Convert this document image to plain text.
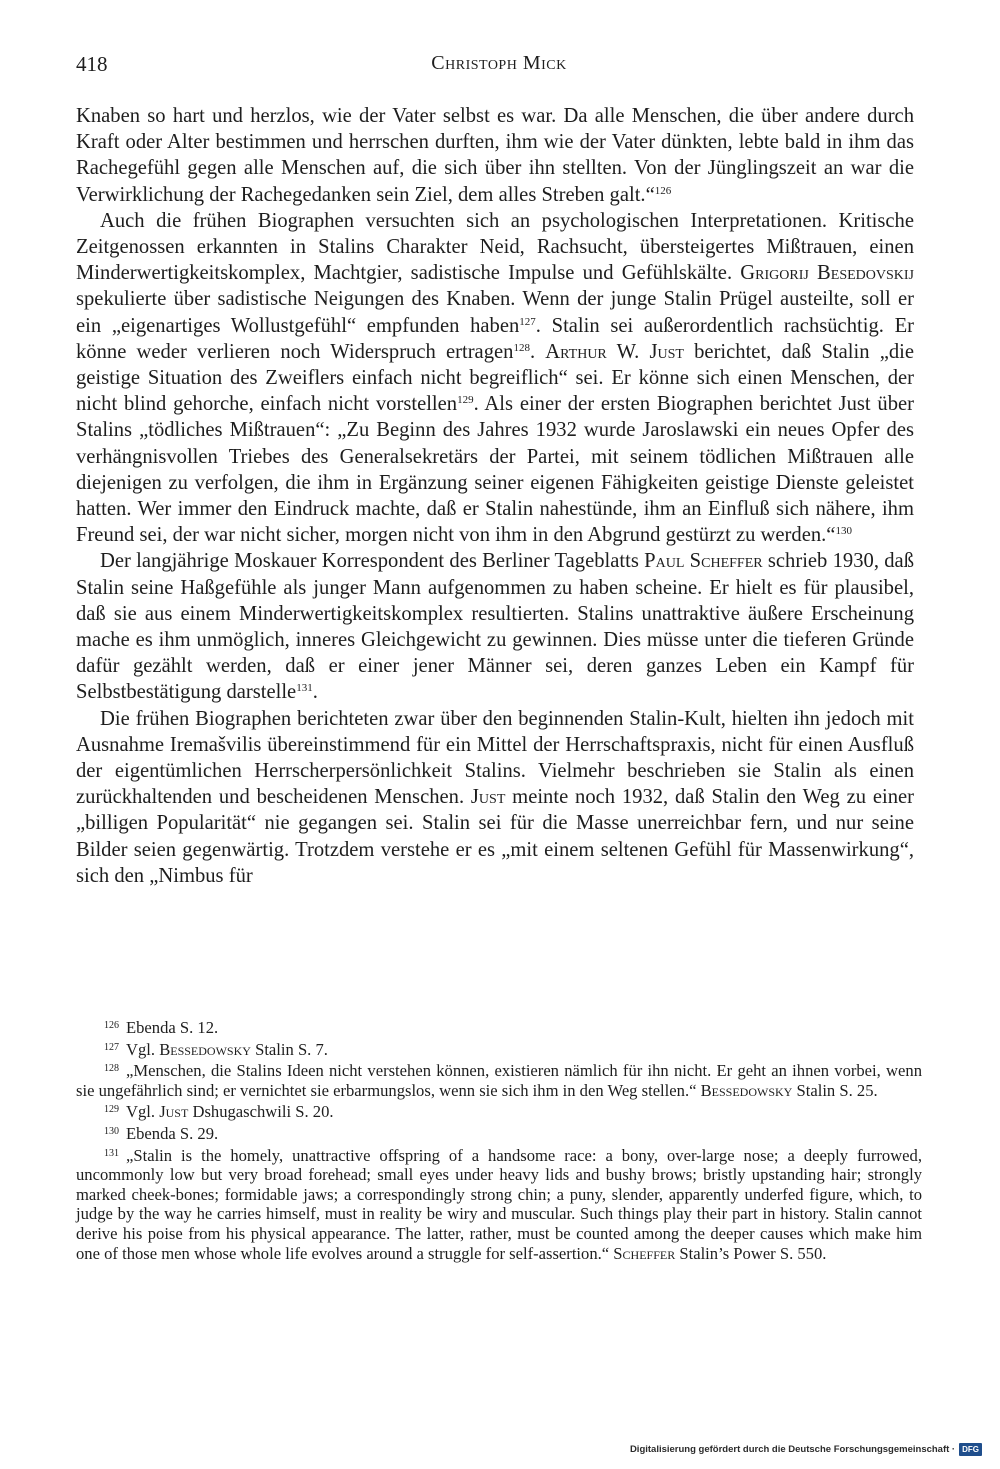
418	Christoph Mick

Knaben so hart und herzlos, wie der Vater selbst es war. Da alle Menschen, die über andere durch Kraft oder Alter bestimmen und herrschen durften, ihm wie der Vater dünkten, lebte bald in ihm das Rachegefühl gegen alle Menschen auf, die sich über ihn stellten. Von der Jünglingszeit an war die Verwirklichung der Rachegedanken sein Ziel, dem alles Streben galt.“$^{126}$

Auch die frühen Biographen versuchten sich an psychologischen Interpretationen. Kritische Zeitgenossen erkannten in Stalins Charakter Neid, Rachsucht, übersteigertes Mißtrauen, einen Minderwertigkeitskomplex, Machtgier, sadistische Impulse und Gefühlskälte. Grigorij Besedovskij spekulierte über sadistische Neigungen des Knaben. Wenn der junge Stalin Prügel austeilte, soll er ein „eigenartiges Wollustgefühl“ empfunden haben$^{127}$. Stalin sei außerordentlich rachsüchtig. Er könne weder verlieren noch Widerspruch ertragen$^{128}$. Arthur W. Just berichtet, daß Stalin „die geistige Situation des Zweiflers einfach nicht begreiflich“ sei. Er könne sich einen Menschen, der nicht blind gehorche, einfach nicht vorstellen$^{129}$. Als einer der ersten Biographen berichtet Just über Stalins „tödliches Mißtrauen“: „Zu Beginn des Jahres 1932 wurde Jaroslawski ein neues Opfer des verhängnisvollen Triebes des Generalsekretärs der Partei, mit seinem tödlichen Mißtrauen alle diejenigen zu verfolgen, die ihm in Ergänzung seiner eigenen Fähigkeiten geistige Dienste geleistet hatten. Wer immer den Eindruck machte, daß er Stalin nahestünde, ihm an Einfluß sich nähere, ihm Freund sei, der war nicht sicher, morgen nicht von ihm in den Abgrund gestürzt zu werden.“$^{130}$

Der langjährige Moskauer Korrespondent des Berliner Tageblatts Paul Scheffer schrieb 1930, daß Stalin seine Haßgefühle als junger Mann aufgenommen zu haben scheine. Er hielt es für plausibel, daß sie aus einem Minderwertigkeitskomplex resultierten. Stalins unattraktive äußere Erscheinung mache es ihm unmöglich, inneres Gleichgewicht zu gewinnen. Dies müsse unter die tieferen Gründe dafür gezählt werden, daß er einer jener Männer sei, deren ganzes Leben ein Kampf für Selbstbestätigung darstelle$^{131}$.

Die frühen Biographen berichteten zwar über den beginnenden Stalin-Kult, hielten ihn jedoch mit Ausnahme Iremašvilis übereinstimmend für ein Mittel der Herrschaftspraxis, nicht für einen Ausfluß der eigentümlichen Herrscherpersönlichkeit Stalins. Vielmehr beschrieben sie Stalin als einen zurückhaltenden und bescheidenen Menschen. Just meinte noch 1932, daß Stalin den Weg zu einer „billigen Popularität“ nie gegangen sei. Stalin sei für die Masse unerreichbar fern, und nur seine Bilder seien gegenwärtig. Trotzdem verstehe er es „mit einem seltenen Gefühl für Massenwirkung“, sich den „Nimbus für

$^{126}$ Ebenda S. 12.

$^{127}$ Vgl. Bessedowsky Stalin S. 7.

$^{128}$ „Menschen, die Stalins Ideen nicht verstehen können, existieren nämlich für ihn nicht. Er geht an ihnen vorbei, wenn sie ungefährlich sind; er vernichtet sie erbarmungslos, wenn sie sich ihm in den Weg stellen.“ Bessedowsky Stalin S. 25.

$^{129}$ Vgl. Just Dshugaschwili S. 20.

$^{130}$ Ebenda S. 29.

$^{131}$ „Stalin is the homely, unattractive offspring of a handsome race: a bony, over-large nose; a deeply furrowed, uncommonly low but very broad forehead; small eyes under heavy lids and bushy brows; bristly upstanding hair; strongly marked cheek-bones; formidable jaws; a correspondingly strong chin; a puny, slender, apparently underfed figure, which, to judge by the way he carries himself, must in reality be wiry and muscular. Such things play their part in history. Stalin cannot derive his poise from his physical appearance. The latter, rather, must be counted among the deeper causes which make him one of those men whose whole life evolves around a struggle for self-assertion.“ Scheffer Stalin’s Power S. 550.

Digitalisierung gefördert durch die Deutsche Forschungsgemeinschaft · DFG
